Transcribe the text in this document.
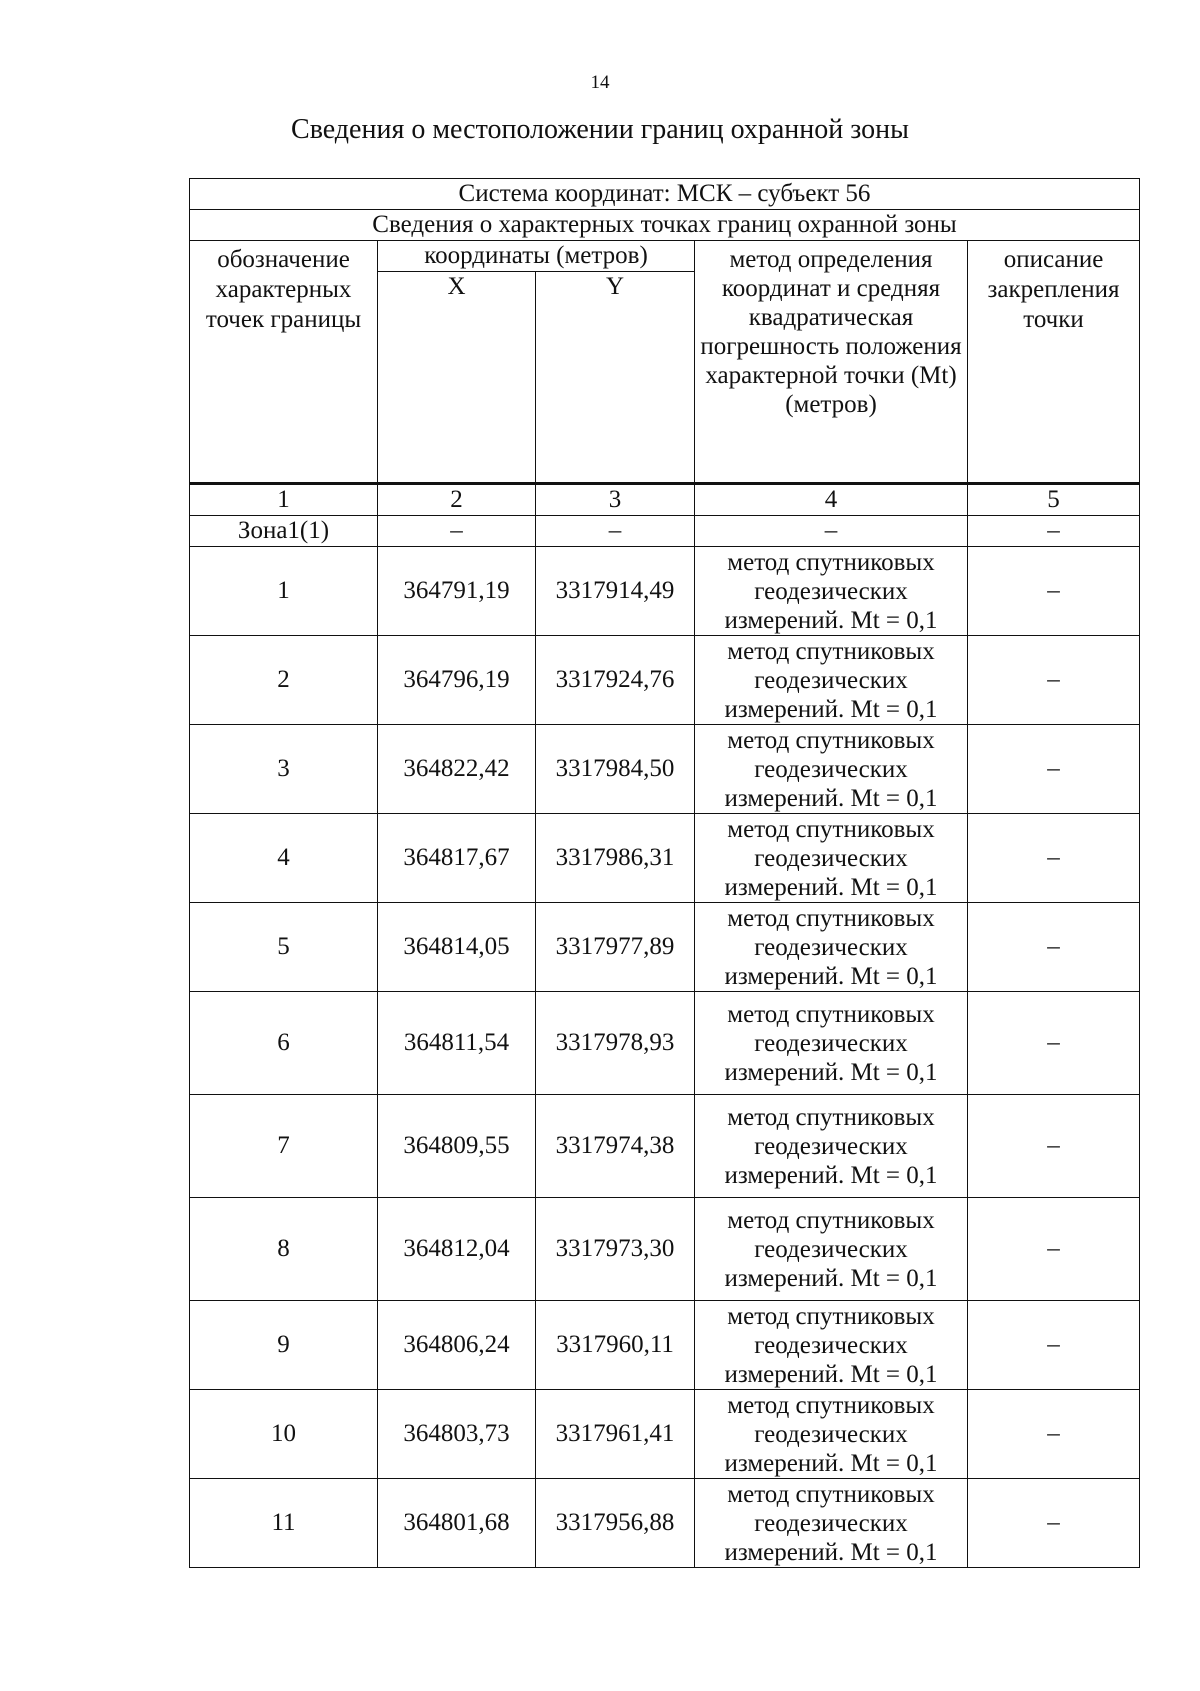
14
Сведения о местоположении границ охранной зоны
Система координат: МСК – субъект 56				
Сведения о характерных точках границ охранной зоны				
обозначение характерных точек границы	координаты (метров)		метод определения координат и средняя квадратическая погрешность положения характерной точки (Mt) (метров)	описание закрепления точки
	X	Y		
1	2	3	4	5
Зона1(1)	–	–	–	–
1	364791,19	3317914,49	метод спутниковых геодезических измерений. Mt = 0,1	–
2	364796,19	3317924,76	метод спутниковых геодезических измерений. Mt = 0,1	–
3	364822,42	3317984,50	метод спутниковых геодезических измерений. Mt = 0,1	–
4	364817,67	3317986,31	метод спутниковых геодезических измерений. Mt = 0,1	–
5	364814,05	3317977,89	метод спутниковых геодезических измерений. Mt = 0,1	–
6	364811,54	3317978,93	метод спутниковых геодезических измерений. Mt = 0,1	–
7	364809,55	3317974,38	метод спутниковых геодезических измерений. Mt = 0,1	–
8	364812,04	3317973,30	метод спутниковых геодезических измерений. Mt = 0,1	–
9	364806,24	3317960,11	метод спутниковых геодезических измерений. Mt = 0,1	–
10	364803,73	3317961,41	метод спутниковых геодезических измерений. Mt = 0,1	–
11	364801,68	3317956,88	метод спутниковых геодезических измерений. Mt = 0,1	–
